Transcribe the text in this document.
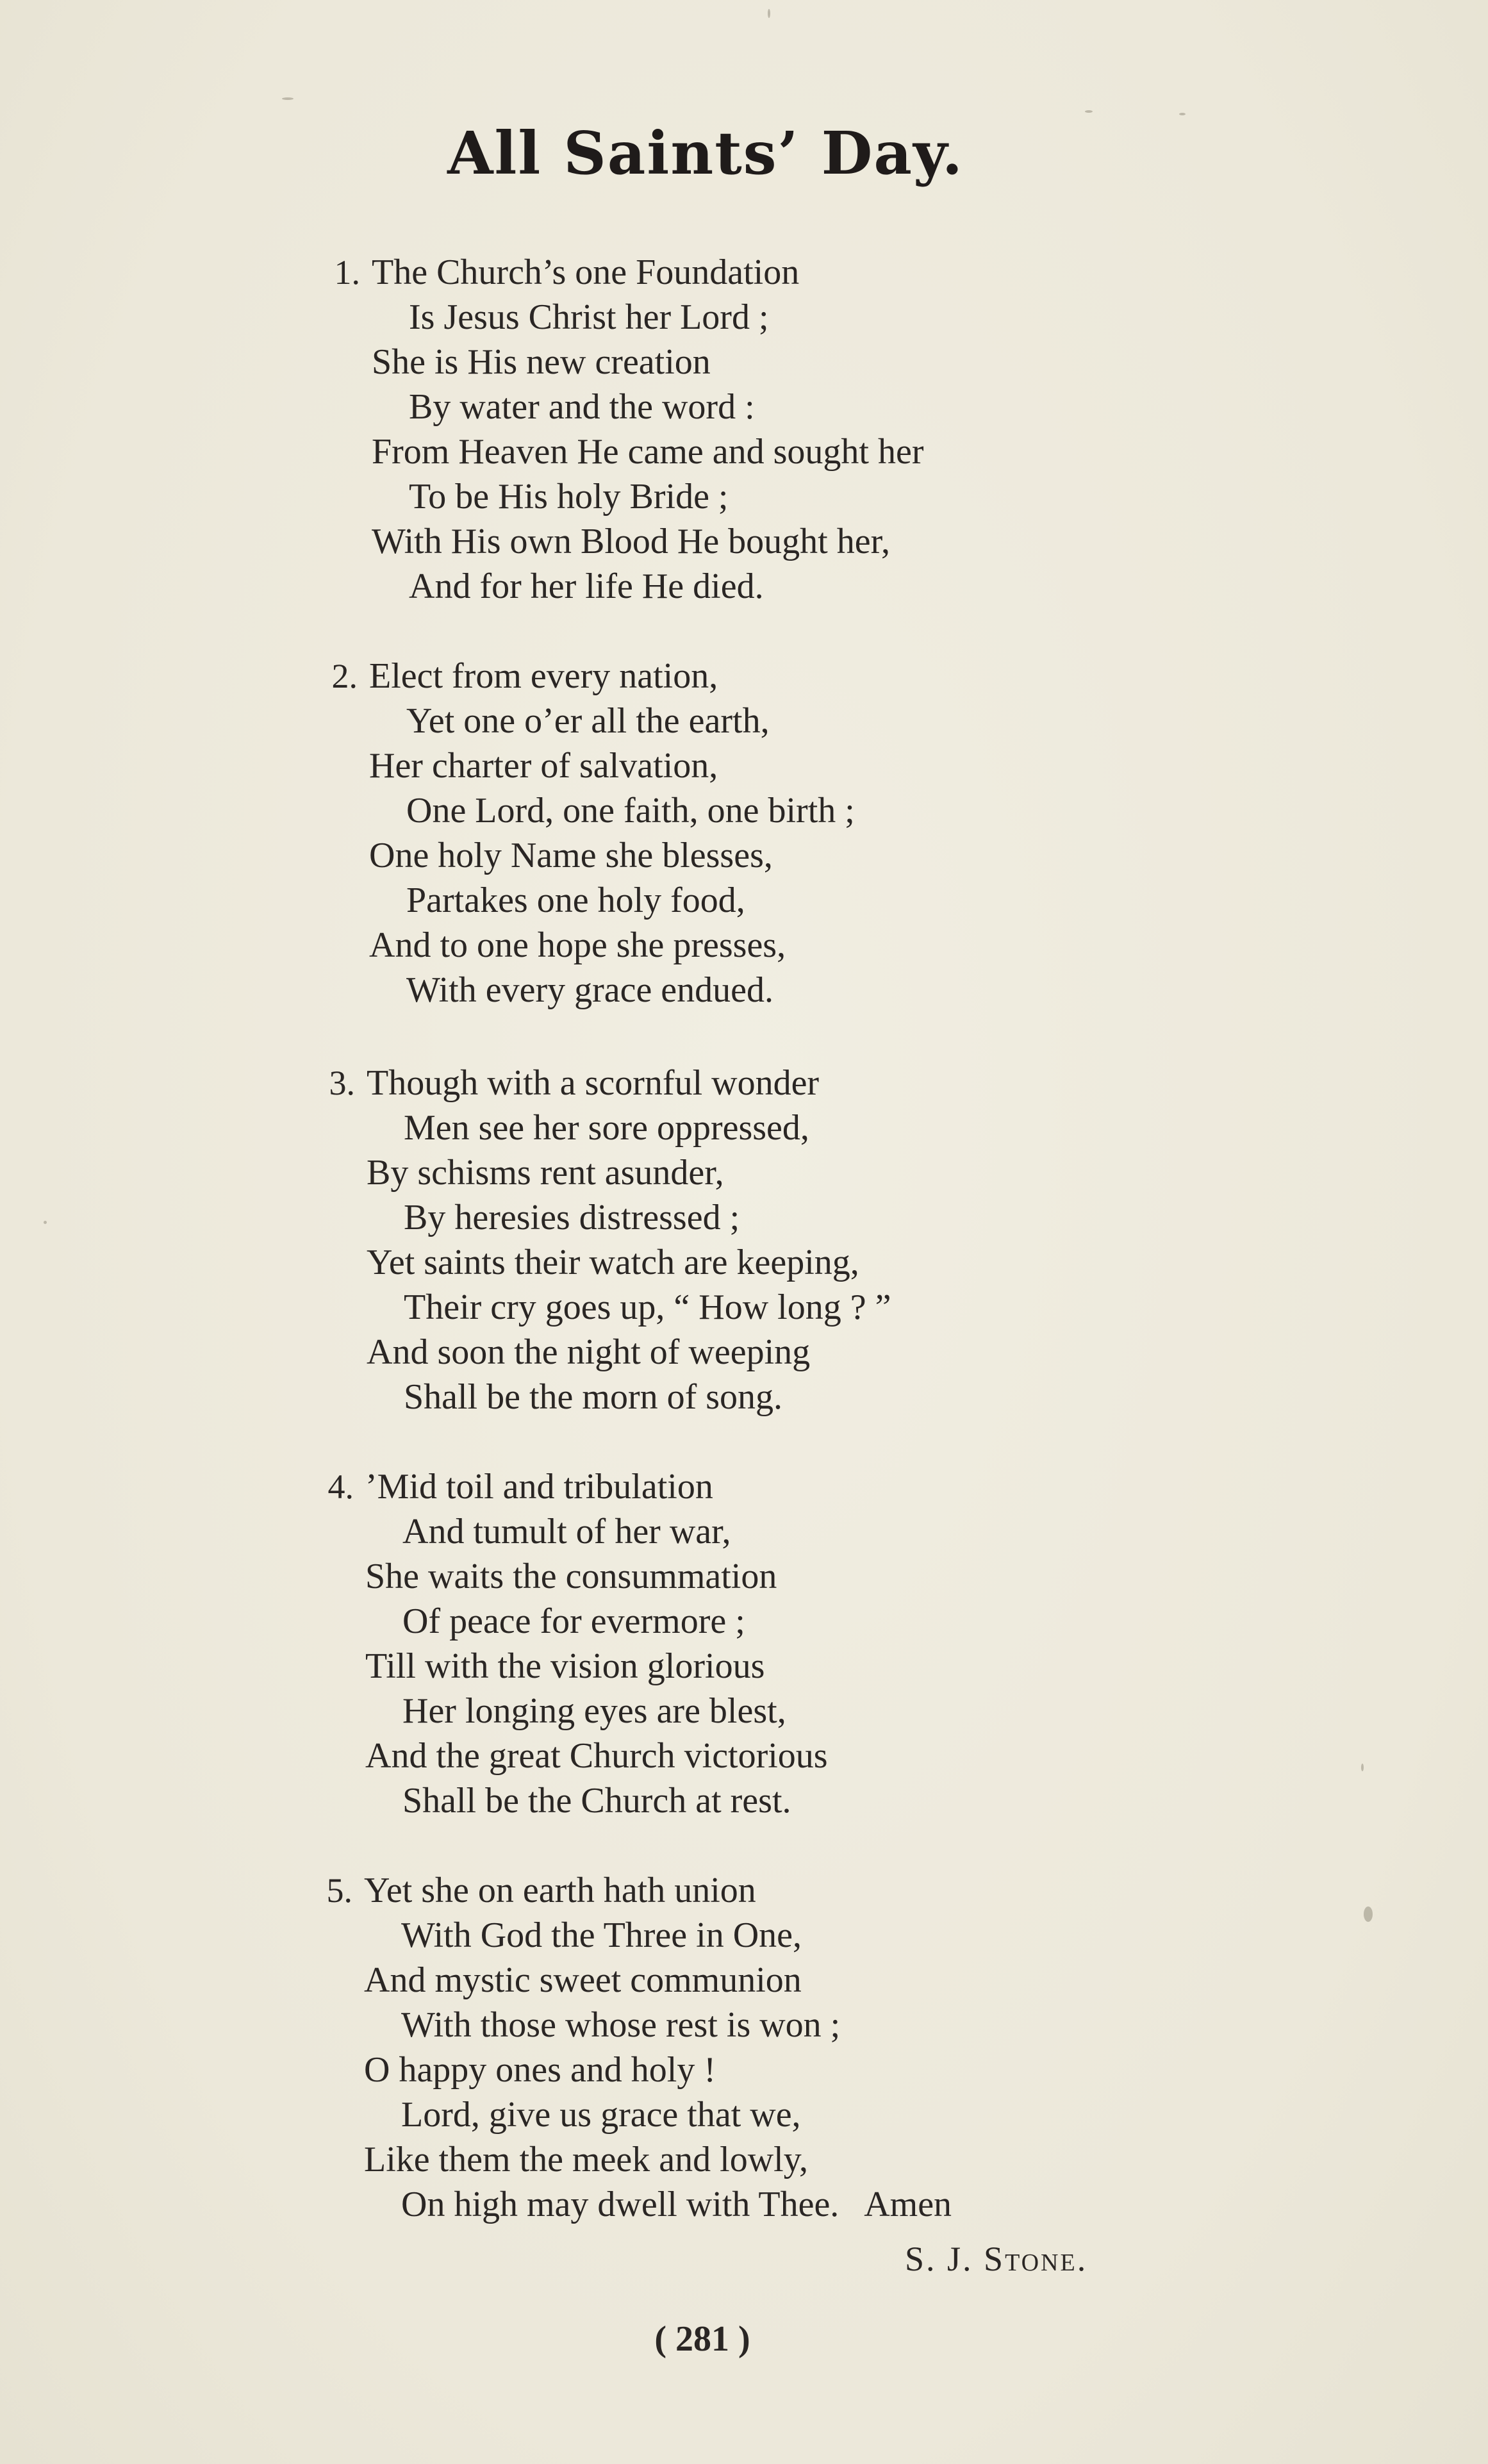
All Saints’ Day.
1. The Church’s one Foundation
Is Jesus Christ her Lord ;
She is His new creation
By water and the word :
From Heaven He came and sought her
To be His holy Bride ;
With His own Blood He bought her,
And for her life He died.
2. Elect from every nation,
Yet one o’er all the earth,
Her charter of salvation,
One Lord, one faith, one birth ;
One holy Name she blesses,
Partakes one holy food,
And to one hope she presses,
With every grace endued.
3. Though with a scornful wonder
Men see her sore oppressed,
By schisms rent asunder,
By heresies distressed ;
Yet saints their watch are keeping,
Their cry goes up, “ How long ? ”
And soon the night of weeping
Shall be the morn of song.
4. ’Mid toil and tribulation
And tumult of her war,
She waits the consummation
Of peace for evermore ;
Till with the vision glorious
Her longing eyes are blest,
And the great Church victorious
Shall be the Church at rest.
5. Yet she on earth hath union
With God the Three in One,
And mystic sweet communion
With those whose rest is won ;
O happy ones and holy !
Lord, give us grace that we,
Like them the meek and lowly,
On high may dwell with Thee.   Amen
S. J. Stone.
( 281 )
